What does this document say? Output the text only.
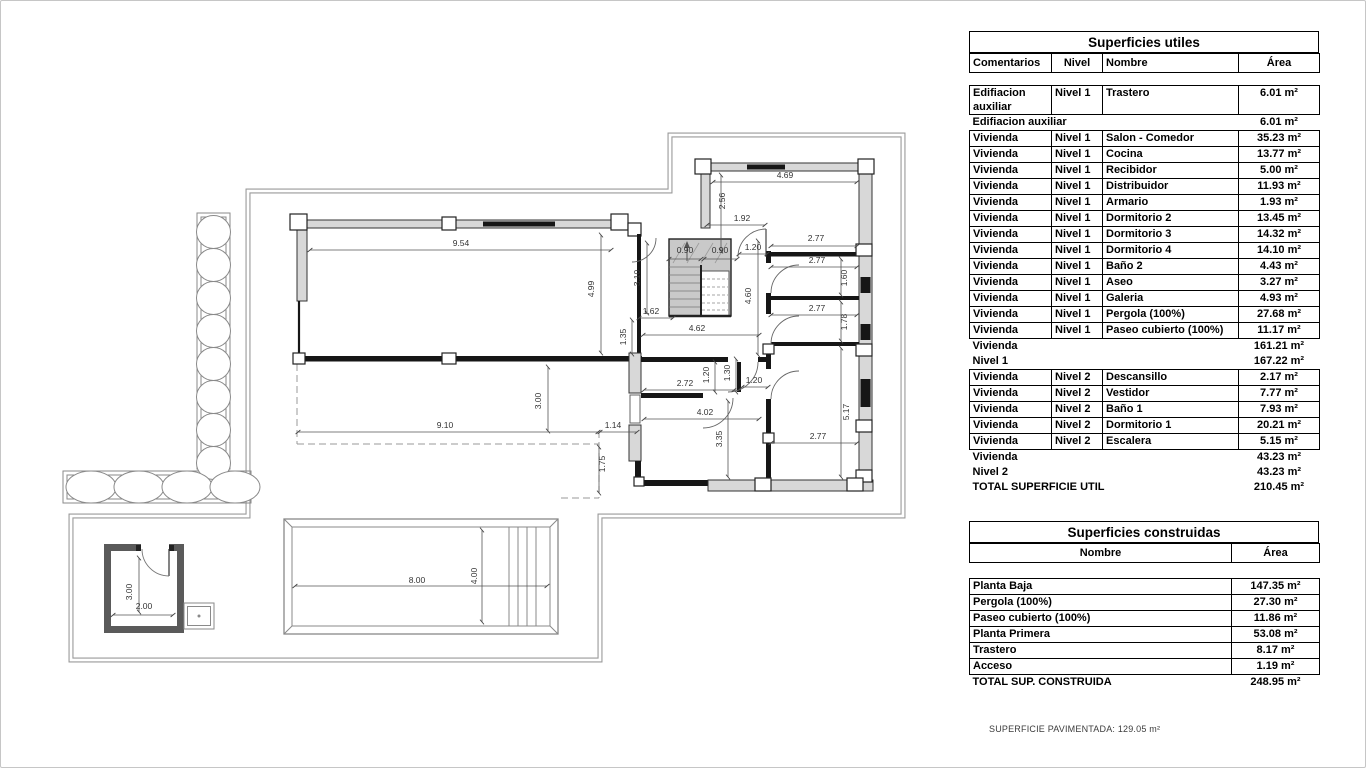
9.54
4.69
2.56
1.92
0.90 0.90 1.20
2.77
2.77
1.60
2.77
1.78
3.10
4.99	4.60
1.62
1.35
4.62
2.72 1.20 1.30 1.20
4.02
3.35	2.77
5.17
3.00
9.10	1.14
1.75
3.00
2.00
8.00	4.00
Superficies utiles
Comentarios	Nivel	Nombre	Área
Edifiacion auxiliar	Nivel 1	Trastero	6.01 m²
Edifiacion auxiliar			6.01 m²
Vivienda	Nivel 1	Salon - Comedor	35.23 m²
Vivienda	Nivel 1	Cocina	13.77 m²
Vivienda	Nivel 1	Recibidor	5.00 m²
Vivienda	Nivel 1	Distribuidor	11.93 m²
Vivienda	Nivel 1	Armario	1.93 m²
Vivienda	Nivel 1	Dormitorio 2	13.45 m²
Vivienda	Nivel 1	Dormitorio 3	14.32 m²
Vivienda	Nivel 1	Dormitorio 4	14.10 m²
Vivienda	Nivel 1	Baño 2	4.43 m²
Vivienda	Nivel 1	Aseo	3.27 m²
Vivienda	Nivel 1	Galeria	4.93 m²
Vivienda	Nivel 1	Pergola (100%)	27.68 m²
Vivienda	Nivel 1	Paseo cubierto (100%)	11.17 m²
Vivienda			161.21 m²
Nivel 1			167.22 m²
Vivienda	Nivel 2	Descansillo	2.17 m²
Vivienda	Nivel 2	Vestidor	7.77 m²
Vivienda	Nivel 2	Baño 1	7.93 m²
Vivienda	Nivel 2	Dormitorio 1	20.21 m²
Vivienda	Nivel 2	Escalera	5.15 m²
Vivienda			43.23 m²
Nivel 2			43.23 m²
TOTAL SUPERFICIE UTIL			210.45 m²
Superficies construidas
Nombre	Área
Planta Baja	147.35 m²
Pergola (100%)	27.30 m²
Paseo cubierto (100%)	11.86 m²
Planta Primera	53.08 m²
Trastero	8.17 m²
Acceso	1.19 m²
TOTAL SUP. CONSTRUIDA	248.95 m²
SUPERFICIE PAVIMENTADA: 129.05 m²
